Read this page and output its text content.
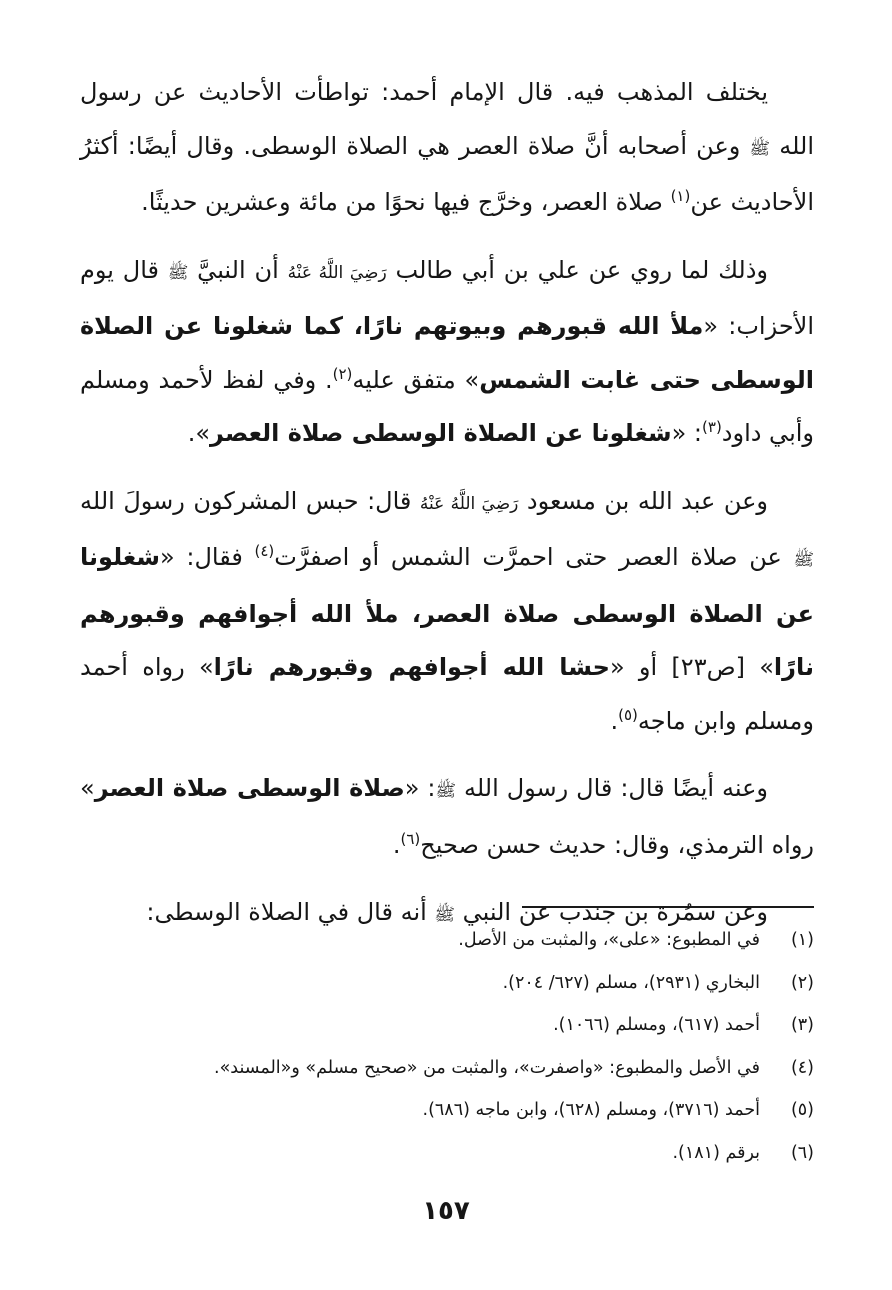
يختلف المذهب فيه. قال الإمام أحمد: تواطأت الأحاديث عن رسول الله ﷺ وعن أصحابه أنَّ صلاة العصر هي الصلاة الوسطى. وقال أيضًا: أكثرُ الأحاديث عن$^{(١)}$ صلاة العصر، وخرَّج فيها نحوًا من مائة وعشرين حديثًا.

وذلك لما روي عن علي بن أبي طالب رَضِيَ اللَّهُ عَنْهُ أن النبيَّ ﷺ قال يوم الأحزاب: «ملأ الله قبورهم وبيوتهم نارًا، كما شغلونا عن الصلاة الوسطى حتى غابت الشمس» متفق عليه$^{(٢)}$. وفي لفظ لأحمد ومسلم وأبي داود$^{(٣)}$: «شغلونا عن الصلاة الوسطى صلاة العصر».

وعن عبد الله بن مسعود رَضِيَ اللَّهُ عَنْهُ قال: حبس المشركون رسولَ الله ﷺ عن صلاة العصر حتى احمرَّت الشمس أو اصفرَّت$^{(٤)}$ فقال: «شغلونا عن الصلاة الوسطى صلاة العصر، ملأ الله أجوافهم وقبورهم نارًا» [ص٢٣] أو «حشا الله أجوافهم وقبورهم نارًا» رواه أحمد ومسلم وابن ماجه$^{(٥)}$.

وعنه أيضًا قال: قال رسول الله ﷺ: «صلاة الوسطى صلاة العصر» رواه الترمذي، وقال: حديث حسن صحيح$^{(٦)}$.

وعن سمُرة بن جندب عن النبي ﷺ أنه قال في الصلاة الوسطى:

(١)
في المطبوع: «على»، والمثبت من الأصل.
(٢)
البخاري (٢٩٣١)، مسلم (٦٢٧/ ٢٠٤).
(٣)
أحمد (٦١٧)، ومسلم (١٠٦٦).
(٤)
في الأصل والمطبوع: «واصفرت»، والمثبت من «صحيح مسلم» و«المسند».
(٥)
أحمد (٣٧١٦)، ومسلم (٦٢٨)، وابن ماجه (٦٨٦).
(٦)
برقم (١٨١).
١٥٧
